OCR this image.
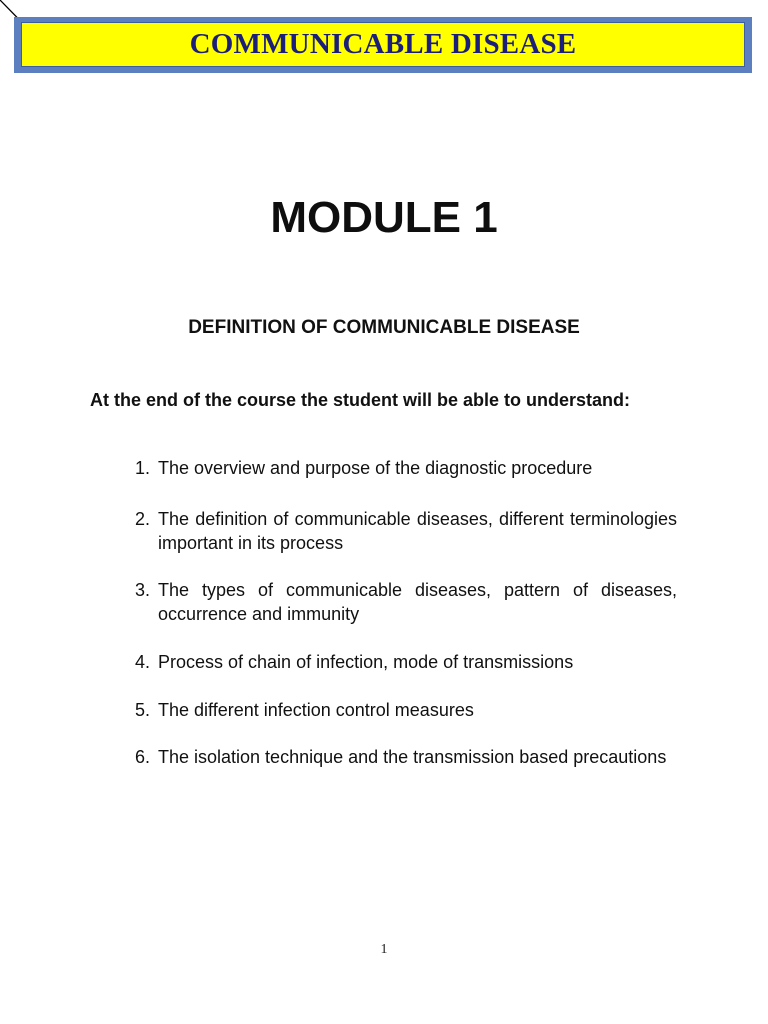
COMMUNICABLE DISEASE
MODULE 1
DEFINITION OF COMMUNICABLE DISEASE
At the end of the course the student will be able to understand:
1. The overview and purpose of the diagnostic procedure
2. The definition of communicable diseases, different terminologies important in its process
3. The types of communicable diseases, pattern of diseases, occurrence and immunity
4. Process of chain of infection, mode of transmissions
5. The different infection control measures
6. The isolation technique and the transmission based precautions
1
